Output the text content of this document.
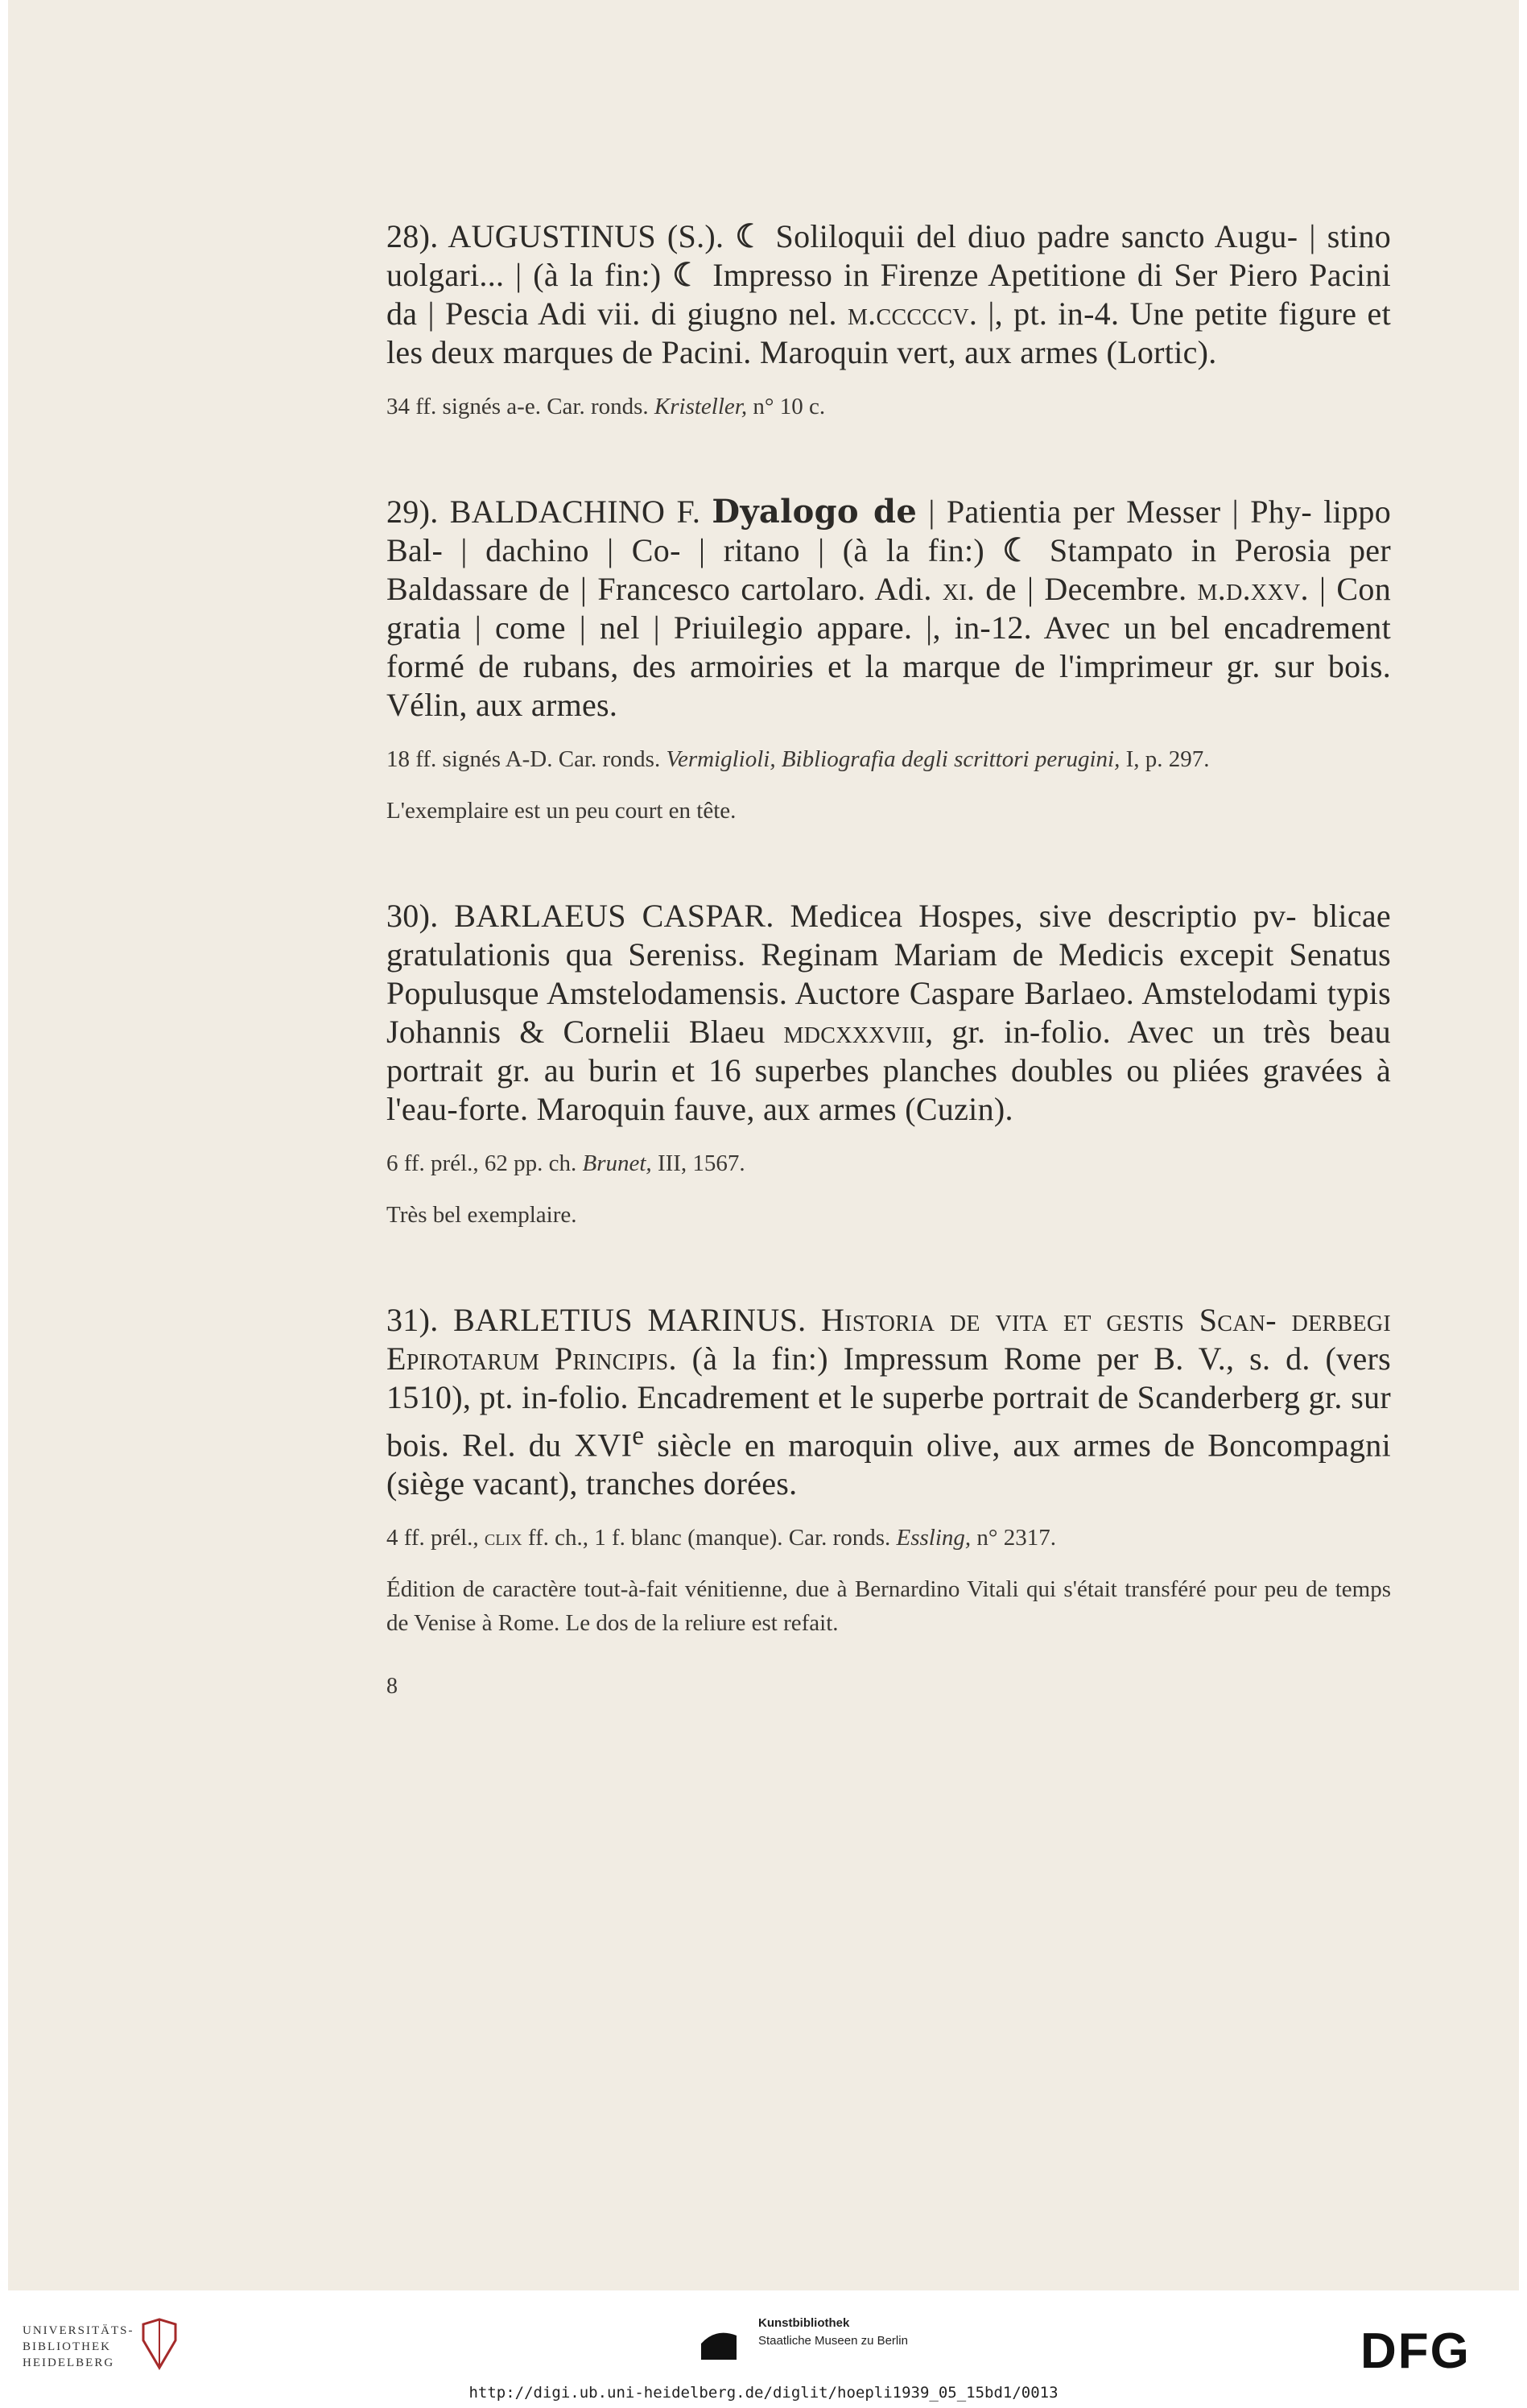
28). AUGUSTINUS (S.). ☾ Soliloquii del diuo padre sancto Augu- | stino uolgari... | (à la fin:) ☾ Impresso in Firenze Apetitione di Ser Piero Pacini da | Pescia Adi vii. di giugno nel. m.cccccv. |, pt. in-4. Une petite figure et les deux marques de Pacini. Maroquin vert, aux armes (Lortic).

34 ff. signés a-e. Car. ronds. Kristeller, n° 10 c.

29). BALDACHINO F. Dyalogo de | Patientia per Messer | Phy- lippo Bal- | dachino | Co- | ritano | (à la fin:) ☾ Stampato in Perosia per Baldassare de | Francesco cartolaro. Adi. xi. de | Decembre. m.d.xxv. | Con gratia | come | nel | Priuilegio appare. |, in-12. Avec un bel encadrement formé de rubans, des armoiries et la marque de l'imprimeur gr. sur bois. Vélin, aux armes.

18 ff. signés A-D. Car. ronds. Vermiglioli, Bibliografia degli scrittori perugini, I, p. 297.

L'exemplaire est un peu court en tête.

30). BARLAEUS CASPAR. Medicea Hospes, sive descriptio pv- blicae gratulationis qua Sereniss. Reginam Mariam de Medicis excepit Senatus Populusque Amstelodamensis. Auctore Caspare Barlaeo. Amstelodami typis Johannis & Cornelii Blaeu mdcxxxviii, gr. in-folio. Avec un très beau portrait gr. au burin et 16 superbes planches doubles ou pliées gravées à l'eau-forte. Maroquin fauve, aux armes (Cuzin).

6 ff. prél., 62 pp. ch. Brunet, III, 1567.

Très bel exemplaire.

31). BARLETIUS MARINUS. Historia de vita et gestis Scan- derbegi Epirotarum Principis. (à la fin:) Impressum Rome per B. V., s. d. (vers 1510), pt. in-folio. Encadrement et le superbe portrait de Scanderberg gr. sur bois. Rel. du XVIe siècle en maroquin olive, aux armes de Boncompagni (siège vacant), tranches dorées.

4 ff. prél., clix ff. ch., 1 f. blanc (manque). Car. ronds. Essling, n° 2317.

Édition de caractère tout-à-fait vénitienne, due à Bernardino Vitali qui s'était transféré pour peu de temps de Venise à Rome. Le dos de la reliure est refait.

8
UNIVERSITÄTS-
BIBLIOTHEK
HEIDELBERG
Kunstbibliothek
Staatliche Museen zu Berlin	DFG
http://digi.ub.uni-heidelberg.de/diglit/hoepli1939_05_15bd1/0013
